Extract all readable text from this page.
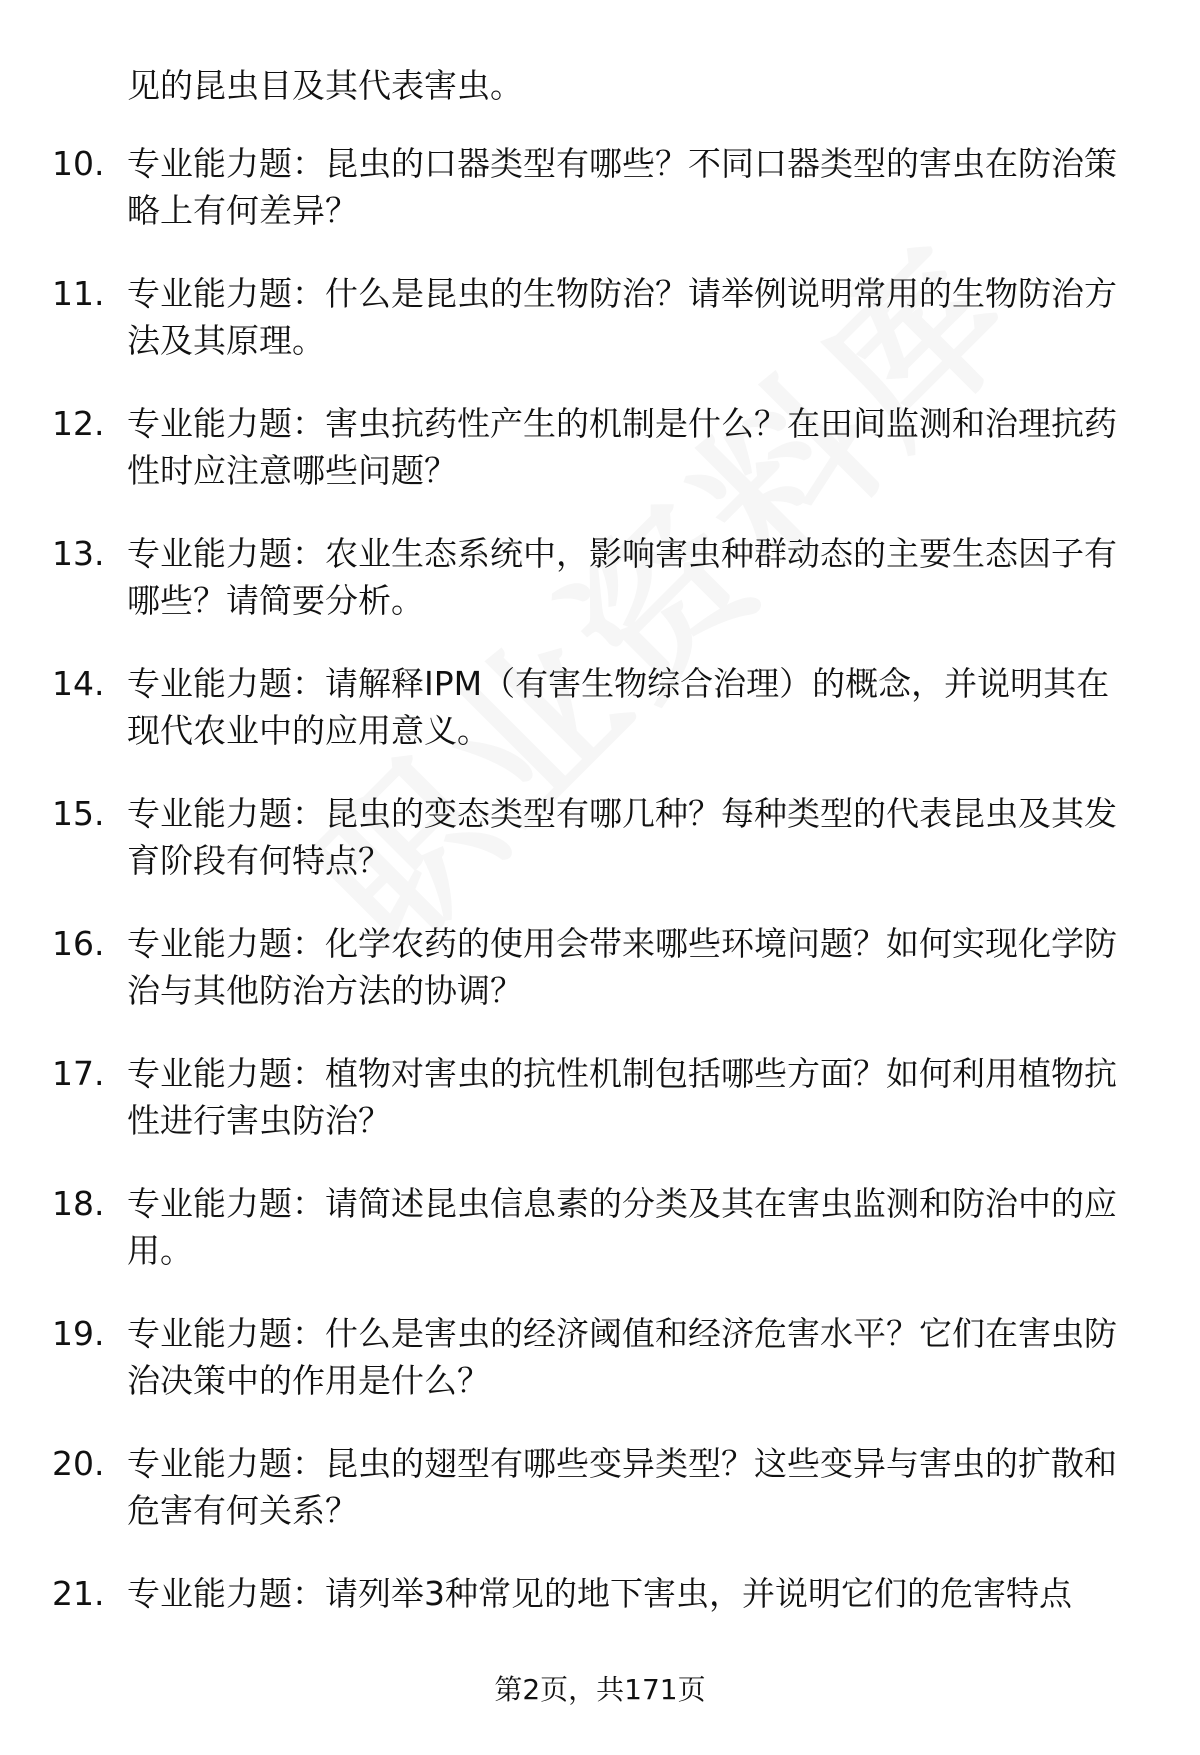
见的昆虫目及其代表害虫。
10. 专业能力题：昆虫的口器类型有哪些？不同口器类型的害虫在防治策略上有何差异？
11. 专业能力题：什么是昆虫的生物防治？请举例说明常用的生物防治方法及其原理。
12. 专业能力题：害虫抗药性产生的机制是什么？在田间监测和治理抗药性时应注意哪些问题？
13. 专业能力题：农业生态系统中，影响害虫种群动态的主要生态因子有哪些？请简要分析。
14. 专业能力题：请解释IPM（有害生物综合治理）的概念，并说明其在现代农业中的应用意义。
15. 专业能力题：昆虫的变态类型有哪几种？每种类型的代表昆虫及其发育阶段有何特点？
16. 专业能力题：化学农药的使用会带来哪些环境问题？如何实现化学防治与其他防治方法的协调？
17. 专业能力题：植物对害虫的抗性机制包括哪些方面？如何利用植物抗性进行害虫防治？
18. 专业能力题：请简述昆虫信息素的分类及其在害虫监测和防治中的应用。
19. 专业能力题：什么是害虫的经济阈值和经济危害水平？它们在害虫防治决策中的作用是什么？
20. 专业能力题：昆虫的翅型有哪些变异类型？这些变异与害虫的扩散和危害有何关系？
21. 专业能力题：请列举3种常见的地下害虫，并说明它们的危害特点
第2页，共171页
